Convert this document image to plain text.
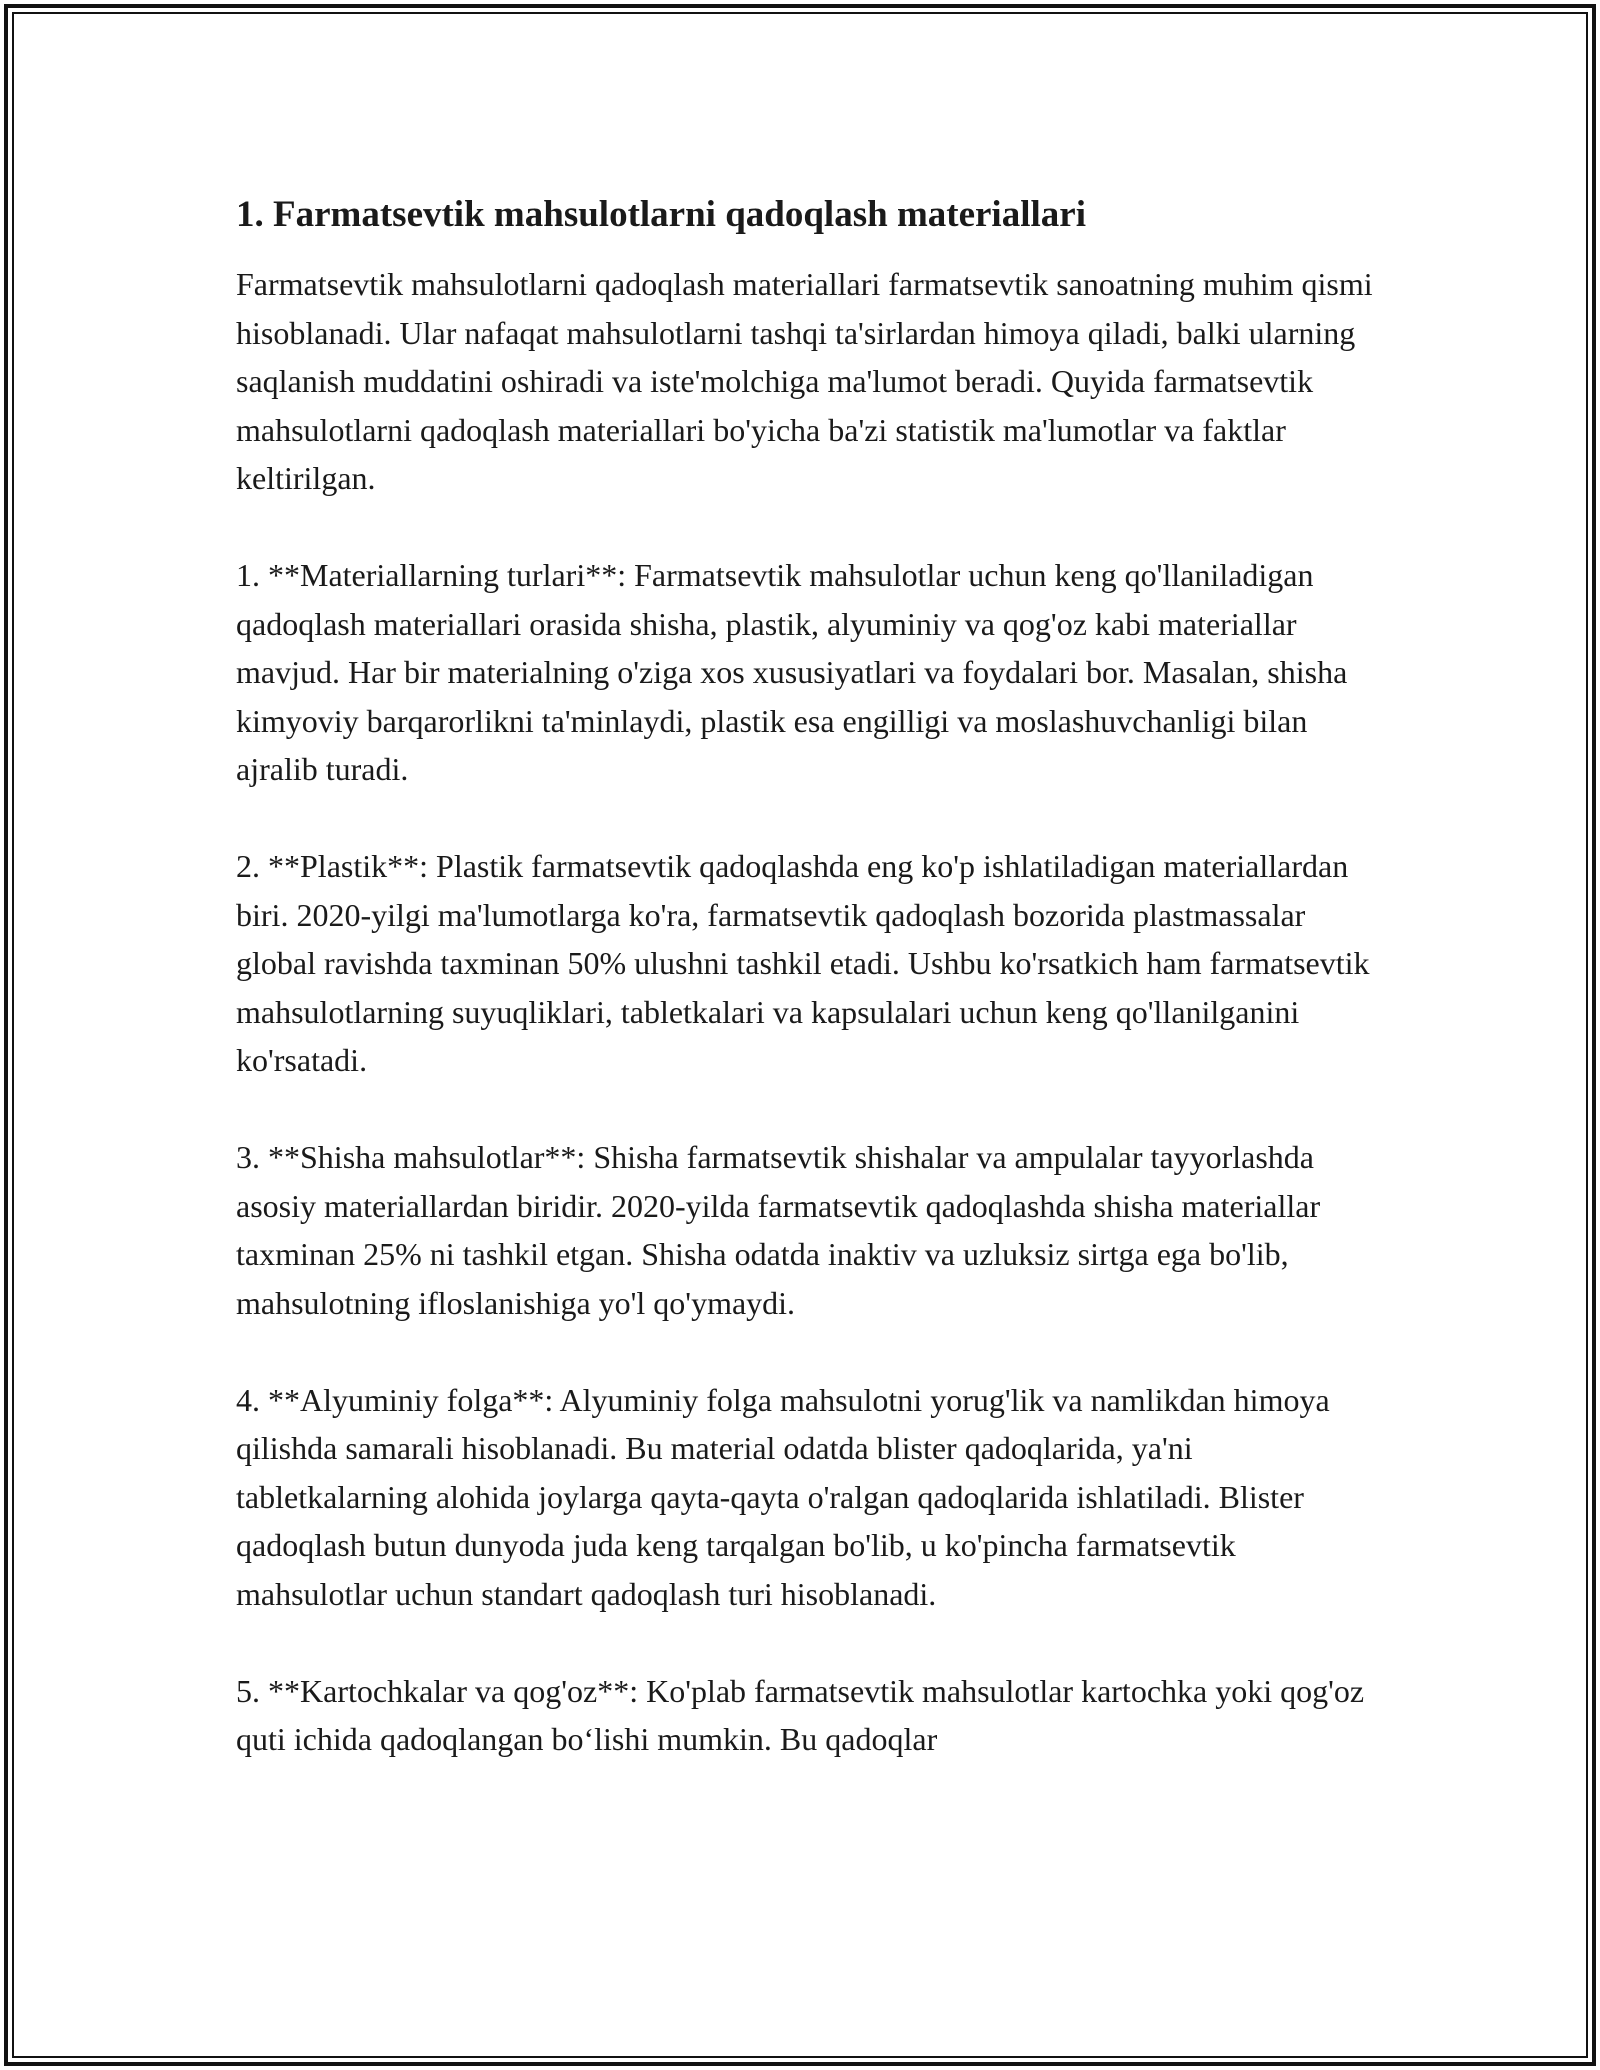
1. Farmatsevtik mahsulotlarni qadoqlash materiallari

Farmatsevtik mahsulotlarni qadoqlash materiallari farmatsevtik sanoatning muhim qismi hisoblanadi. Ular nafaqat mahsulotlarni tashqi ta'sirlardan himoya qiladi, balki ularning saqlanish muddatini oshiradi va iste'molchiga ma'lumot beradi. Quyida farmatsevtik mahsulotlarni qadoqlash materiallari bo'yicha ba'zi statistik ma'lumotlar va faktlar keltirilgan.

1. **Materiallarning turlari**: Farmatsevtik mahsulotlar uchun keng qo'llaniladigan qadoqlash materiallari orasida shisha, plastik, alyuminiy va qog'oz kabi materiallar mavjud. Har bir materialning o'ziga xos xususiyatlari va foydalari bor. Masalan, shisha kimyoviy barqarorlikni ta'minlaydi, plastik esa engilligi va moslashuvchanligi bilan ajralib turadi.

2. **Plastik**: Plastik farmatsevtik qadoqlashda eng ko'p ishlatiladigan materiallardan biri. 2020-yilgi ma'lumotlarga ko'ra, farmatsevtik qadoqlash bozorida plastmassalar global ravishda taxminan 50% ulushni tashkil etadi. Ushbu ko'rsatkich ham farmatsevtik mahsulotlarning suyuqliklari, tabletkalari va kapsulalari uchun keng qo'llanilganini ko'rsatadi.

3. **Shisha mahsulotlar**: Shisha farmatsevtik shishalar va ampulalar tayyorlashda asosiy materiallardan biridir. 2020-yilda farmatsevtik qadoqlashda shisha materiallar taxminan 25% ni tashkil etgan. Shisha odatda inaktiv va uzluksiz sirtga ega bo'lib, mahsulotning ifloslanishiga yo'l qo'ymaydi.

4. **Alyuminiy folga**: Alyuminiy folga mahsulotni yorug'lik va namlikdan himoya qilishda samarali hisoblanadi. Bu material odatda blister qadoqlarida, ya'ni tabletkalarning alohida joylarga qayta-qayta o'ralgan qadoqlarida ishlatiladi. Blister qadoqlash butun dunyoda juda keng tarqalgan bo'lib, u ko'pincha farmatsevtik mahsulotlar uchun standart qadoqlash turi hisoblanadi.

5. **Kartochkalar va qog'oz**: Ko'plab farmatsevtik mahsulotlar kartochka yoki qog'oz quti ichida qadoqlangan bo‘lishi mumkin. Bu qadoqlar
